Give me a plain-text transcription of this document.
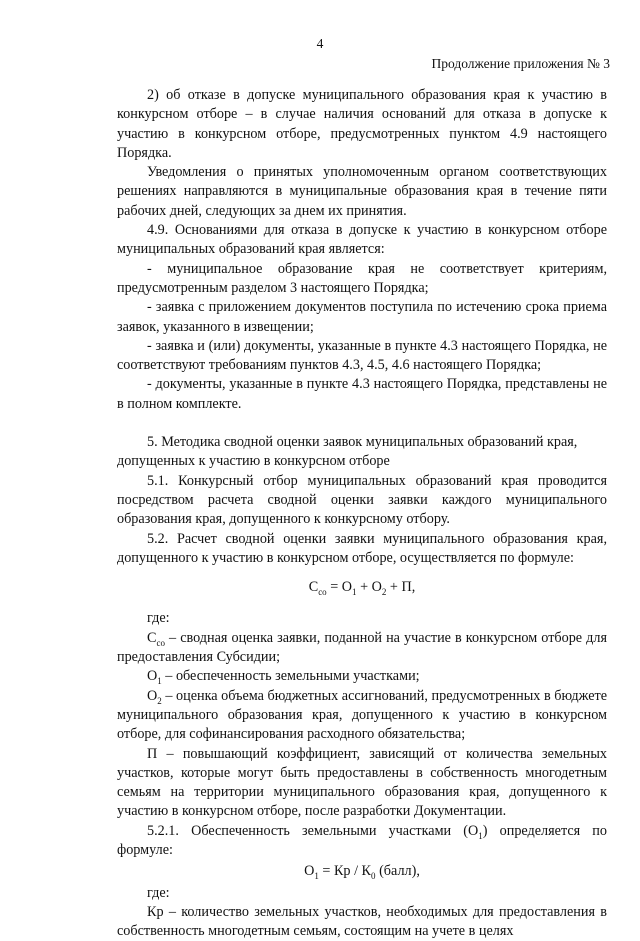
4
Продолжение приложения № 3

2) об отказе в допуске муниципального образования края к участию в конкурсном отборе – в случае наличия оснований для отказа в допуске к участию в конкурсном отборе, предусмотренных пунктом 4.9 настоящего Порядка.

Уведомления о принятых уполномоченным органом соответствующих решениях направляются в муниципальные образования края в течение пяти рабочих дней, следующих за днем их принятия.

4.9. Основаниями для отказа в допуске к участию в конкурсном отборе муниципальных образований края является:

- муниципальное образование края не соответствует критериям, предусмотренным разделом 3 настоящего Порядка;

- заявка с приложением документов поступила по истечению срока приема заявок, указанного в извещении;

- заявка и (или) документы, указанные в пункте 4.3 настоящего Порядка, не соответствуют требованиям пунктов 4.3, 4.5, 4.6 настоящего Порядка;

- документы, указанные в пункте 4.3 настоящего Порядка, представлены не в полном комплекте.

5. Методика сводной оценки заявок муниципальных образований края, допущенных к участию в конкурсном отборе

5.1. Конкурсный отбор муниципальных образований края проводится посредством расчета сводной оценки заявки каждого муниципального образования края, допущенного к конкурсному отбору.

5.2. Расчет сводной оценки заявки муниципального образования края, допущенного к участию в конкурсном отборе, осуществляется по формуле:

$С_{со} = О_1 + О_2 + П$,

где:

$С_{со}$ – сводная оценка заявки, поданной на участие в конкурсном отборе для предоставления Субсидии;

$О_1$ – обеспеченность земельными участками;

$О_2$ – оценка объема бюджетных ассигнований, предусмотренных в бюджете муниципального образования края, допущенного к участию в конкурсном отборе, для софинансирования расходного обязательства;

П – повышающий коэффициент, зависящий от количества земельных участков, которые могут быть предоставлены в собственность многодетным семьям на территории муниципального образования края, допущенного к участию в конкурсном отборе, после разработки Документации.

5.2.1. Обеспеченность земельными участками $(О_1)$ определяется по формуле:

$О_1$ = Кр / $К_0$ (балл),

где:

Кр – количество земельных участков, необходимых для предоставления в собственность многодетным семьям, состоящим на учете в целях
